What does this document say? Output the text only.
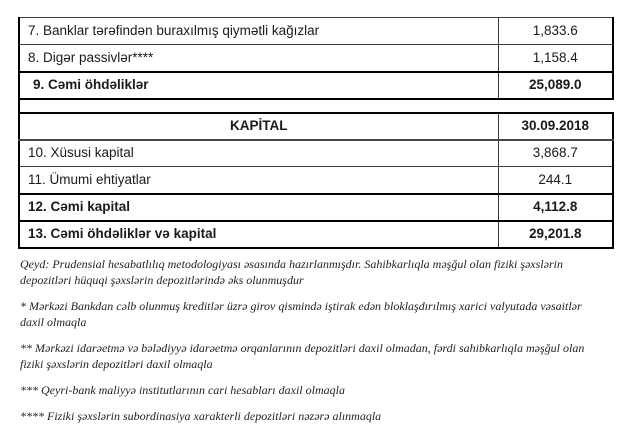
7. Banklar tərəfindən buraxılmış qiymətli kağızlar	1,833.6
8. Digər passivlər****	1,158.4
9. Cəmi öhdəliklər	25,089.0

KAPİTAL	30.09.2018
10. Xüsusi kapital	3,868.7
11. Ümumi ehtiyatlar	244.1
12. Cəmi kapital	4,112.8
13. Cəmi öhdəliklər və kapital	29,201.8

Qeyd: Prudensial hesabatlılıq metodologiyası əsasında hazırlanmışdır. Sahibkarlıqla məşğul olan fiziki şəxslərin depozitləri hüquqi şəxslərin depozitlərində əks olunmuşdur

* Mərkəzi Bankdan cəlb olunmuş kreditlər üzrə girov qismində iştirak edən bloklaşdırılmış xarici valyutada vəsaitlər daxil olmaqla

** Mərkəzi idarəetmə və bələdiyyə idarəetmə orqanlarının depozitləri daxil olmadan, fərdi sahibkarlıqla məşğul olan fiziki şəxslərin depozitləri daxil olmaqla

*** Qeyri-bank maliyyə institutlarının cari hesabları daxil olmaqla

**** Fiziki şəxslərin subordinasiya xarakterli depozitləri nəzərə alınmaqla
